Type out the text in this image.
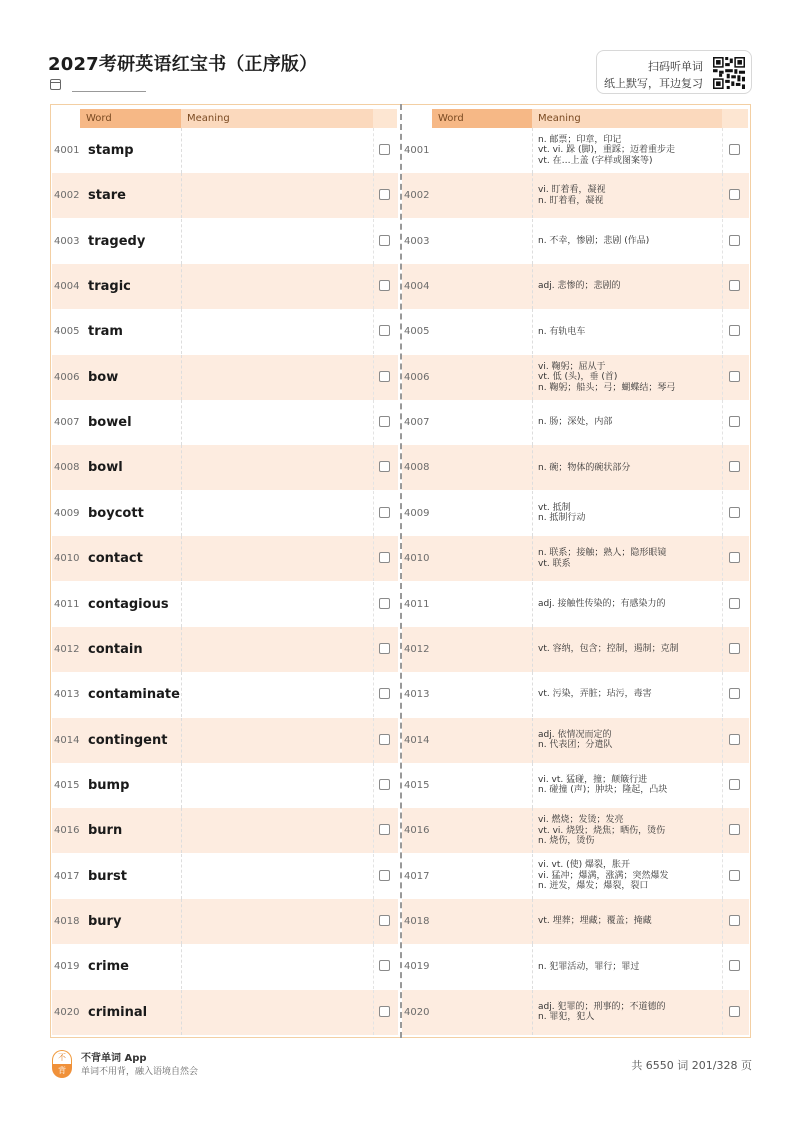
2027考研英语红宝书（正序版）	扫码听单词
纸上默写，耳边复习
Word	Meaning	Word	Meaning
4001 stamp	4001
n. 邮票；印章，印记
vt. vi. 跺 (脚)，重踩；迈着重步走
vt. 在…上盖 (字样或图案等)
4002 stare	4002	vi. 盯着看，凝视
n. 盯着看，凝视
4003 tragedy	4003	n. 不幸，惨剧；悲剧 (作品)
4004 tragic	4004	adj. 悲惨的；悲剧的
4005 tram	4005	n. 有轨电车
4006 bow	4006
vi. 鞠躬；屈从于
vt. 低 (头)，垂 (首)
n. 鞠躬；船头；弓；蝴蝶结；琴弓
4007 bowel	4007	n. 肠；深处，内部
4008 bowl	4008	n. 碗；物体的碗状部分
4009 boycott	4009	vt. 抵制
n. 抵制行动
4010 contact	4010	n. 联系；接触；熟人；隐形眼镜
vt. 联系
4011 contagious	4011	adj. 接触性传染的；有感染力的
4012 contain	4012	vt. 容纳，包含；控制，遏制；克制
4013 contaminate	4013	vt. 污染，弄脏；玷污，毒害
4014 contingent	4014	adj. 依情况而定的
n. 代表团；分遣队
4015 bump	4015	vi. vt. 猛碰，撞；颠簸行进
n. 碰撞 (声)；肿块；隆起，凸块
4016 burn	4016
vi. 燃烧；发烫；发亮
vt. vi. 烧毁；烧焦；晒伤，烫伤
n. 烧伤，烫伤
4017 burst	4017
vi. vt. (使) 爆裂，胀开
vi. 猛冲；爆满，涨满；突然爆发
n. 迸发，爆发；爆裂，裂口
4018 bury	4018	vt. 埋葬；埋藏；覆盖；掩藏
4019 crime	4019	n. 犯罪活动，罪行；罪过
4020 criminal	4020	adj. 犯罪的；刑事的；不道德的
n. 罪犯，犯人
不
背
不背单词 App
单词不用背，融入语境自然会	共 6550 词 201/328 页
